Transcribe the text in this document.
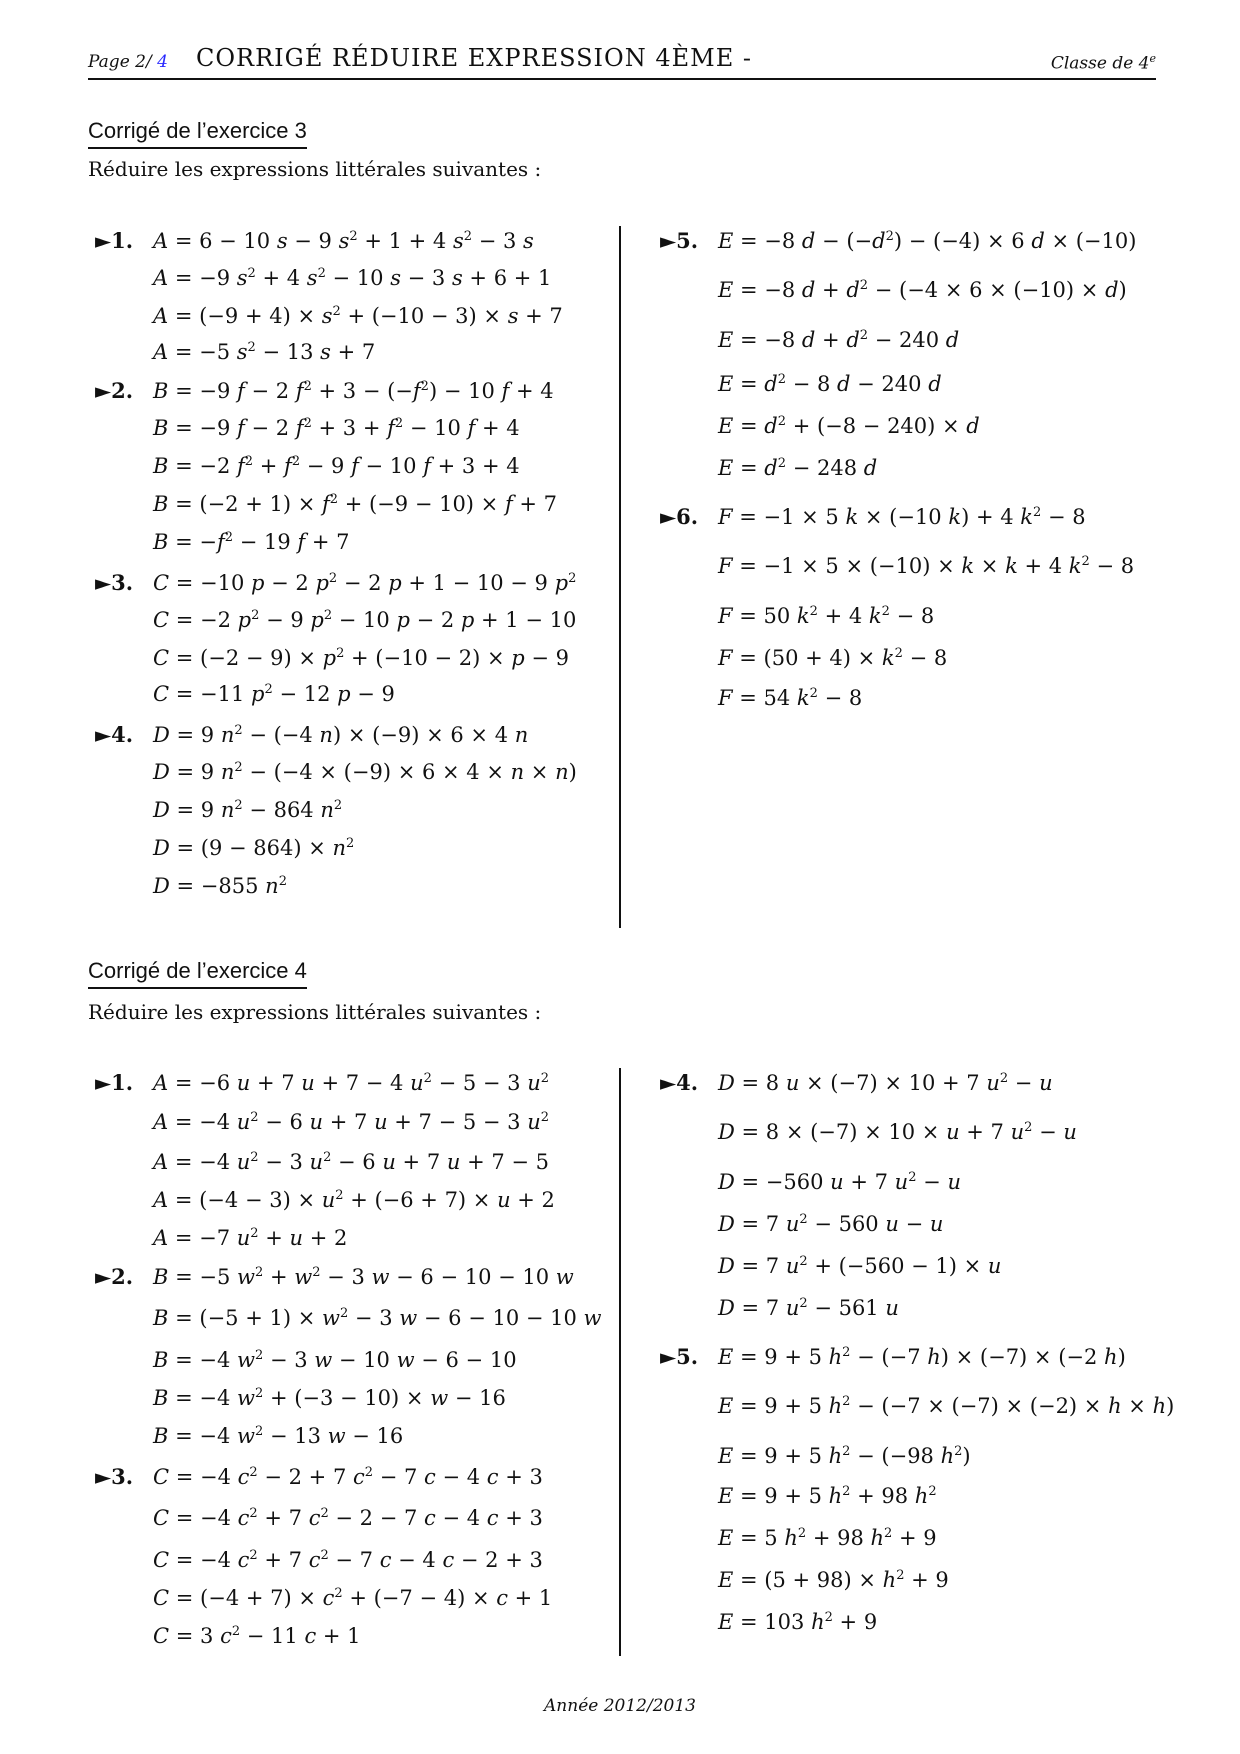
Page 2/ 4 CORRIGÉ RÉDUIRE EXPRESSION 4ÈME -	Classe de 4e
Corrigé de l’exercice 3
Réduire les expressions littérales suivantes :
►1. A = 6 − 10 s − 9 $s^2 + 1 + 4$ $s^2 - 3$ s
A = −9 $s^2 + 4$ $s^2 - 10$ s − 3 s + 6 + 1
$A = (-9 + 4) \times s^2 + (-10 - 3) \times s + 7$
A = −5 $s^2 - 13$ s + 7
►2. B = −9 f − 2 $f^2 + 3 - (-f^2) - 10$ f + 4
B = −9 f − 2 $f^2 + 3 + f^2 - 10$ f + 4
B = −2 $f^2 + f^2 - 9$ f − 10 f + 3 + 4
$B = (-2 + 1) \times f^2 + (-9 - 10) \times f + 7$
$B = -f^2 - 19$ f + 7
►3. C = −10 p − 2 $p^2 - 2$ p + 1 − 10 − 9 $p^2$
C = −2 $p^2 - 9$ $p^2 - 10$ p − 2 p + 1 − 10
$C = (-2 - 9) \times p^2 + (-10 - 2) \times p - 9$
C = −11 $p^2 - 12$ p − 9
►4. D = 9 $n^2 - (-4$ n) × (−9) × 6 × 4 n
D = 9 $n^2 - (-4 \times (-9) \times 6 \times 4 \times n \times n)$
D = 9 $n^2 - 864$ $n^2$
$D = (9 - 864) \times n^2$
D = −855 $n^2$
►5. E = −8 $d - (-d^2) - (-4) \times 6$ d × (−10)
E = −8 $d + d^2 - (-4 \times 6 \times (-10) \times d)$
E = −8 $d + d^2 - 240$ d
$E = d^2 - 8$ d − 240 d
$E = d^2 + (-8 - 240) \times d$
$E = d^2 - 248$ d
►6. F = −1 × 5 k × (−10 k) + 4 $k^2 - 8$
F = −1 × 5 × (−10) × k × k + 4 $k^2 - 8$
F = 50 $k^2 + 4$ $k^2 - 8$
$F = (50 + 4) \times k^2 - 8$
F = 54 $k^2 - 8$
Corrigé de l’exercice 4
Réduire les expressions littérales suivantes :
►1. A = −6 u + 7 u + 7 − 4 $u^2 - 5 - 3$ $u^2$
A = −4 $u^2 - 6$ u + 7 u + 7 − 5 − 3 $u^2$
A = −4 $u^2 - 3$ $u^2 - 6$ u + 7 u + 7 − 5
$A = (-4 - 3) \times u^2 + (-6 + 7) \times u + 2$
A = −7 $u^2 + u + 2$
►2. B = −5 $w^2 + w^2 - 3$ w − 6 − 10 − 10 w
$B = (-5 + 1) \times w^2 - 3$ w − 6 − 10 − 10 w
B = −4 $w^2 - 3$ w − 10 w − 6 − 10
B = −4 $w^2 + (-3 - 10) \times w - 16$
B = −4 $w^2 - 13$ w − 16
►3. C = −4 $c^2 - 2 + 7$ $c^2 - 7$ c − 4 c + 3
C = −4 $c^2 + 7$ $c^2 - 2 - 7$ c − 4 c + 3
C = −4 $c^2 + 7$ $c^2 - 7$ c − 4 c − 2 + 3
$C = (-4 + 7) \times c^2 + (-7 - 4) \times c + 1$
C = 3 $c^2 - 11$ c + 1
►4. D = 8 u × (−7) × 10 + 7 $u^2 - u$
D = 8 × (−7) × 10 × u + 7 $u^2 - u$
D = −560 u + 7 $u^2 - u$
D = 7 $u^2 - 560$ u − u
D = 7 $u^2 + (-560 - 1) \times u$
D = 7 $u^2 - 561$ u
►5. E = 9 + 5 $h^2 - (-7$ h) × (−7) × (−2 h)
E = 9 + 5 $h^2 - (-7 \times (-7) \times (-2) \times h \times h)$
E = 9 + 5 $h^2 - (-98$ $h^2$)
E = 9 + 5 $h^2 + 98$ $h^2$
E = 5 $h^2 + 98$ $h^2 + 9$
$E = (5 + 98) \times h^2 + 9$
E = 103 $h^2 + 9$
Année 2012/2013
